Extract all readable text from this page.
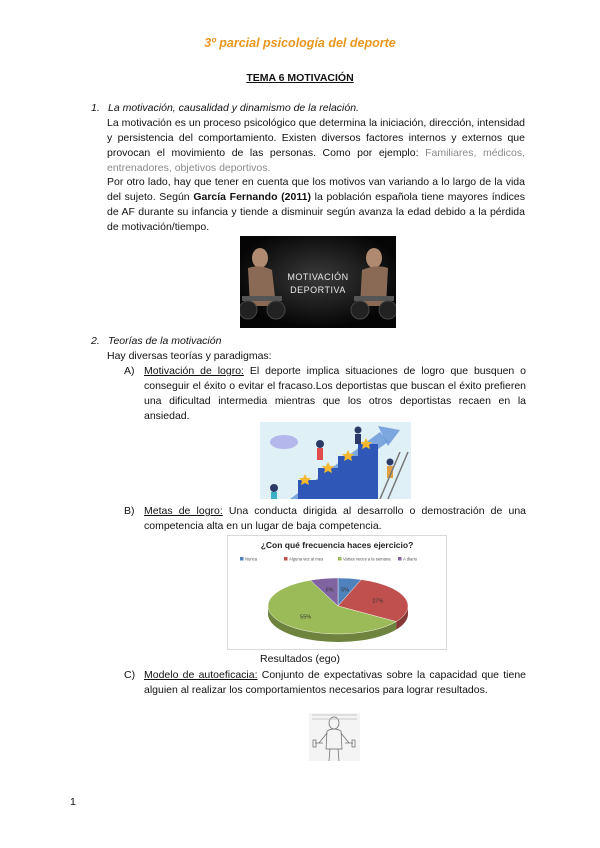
3º parcial psicología del deporte
TEMA 6 MOTIVACIÓN
1. La motivación, causalidad y dinamismo de la relación.
La motivación es un proceso psicológico que determina la iniciación, dirección, intensidad y persistencia del comportamiento. Existen diversos factores internos y externos que provocan el movimiento de las personas. Como por ejemplo: Familiares, médicos, entrenadores, objetivos deportivos.
Por otro lado, hay que tener en cuenta que los motivos van variando a lo largo de la vida del sujeto. Según García Fernando (2011) la población española tiene mayores índices de AF durante su infancia y tiende a disminuir según avanza la edad debido a la pérdida de motivación/tiempo.
MOTIVACIÓN
DEPORTIVA
2. Teorías de la motivación
Hay diversas teorías y paradigmas:
A) Motivación de logro: El deporte implica situaciones de logro que busquen o conseguir el éxito o evitar el fracaso.Los deportistas que buscan el éxito prefieren una dificultad intermedia mientras que los otros deportistas recaen en la ansiedad.
B) Metas de logro: Una conducta dirigida al desarrollo o demostración de una competencia alta en un lugar de baja competencia.
¿Con qué frecuencia haces ejercicio?
Nunca	Alguna vez al mes	Varias veces a la semana	A diario
5%
27%
55%
6%
Resultados (ego)
C) Modelo de autoeficacia: Conjunto de expectativas sobre la capacidad que tiene alguien al realizar los comportamientos necesarios para lograr resultados.
1
